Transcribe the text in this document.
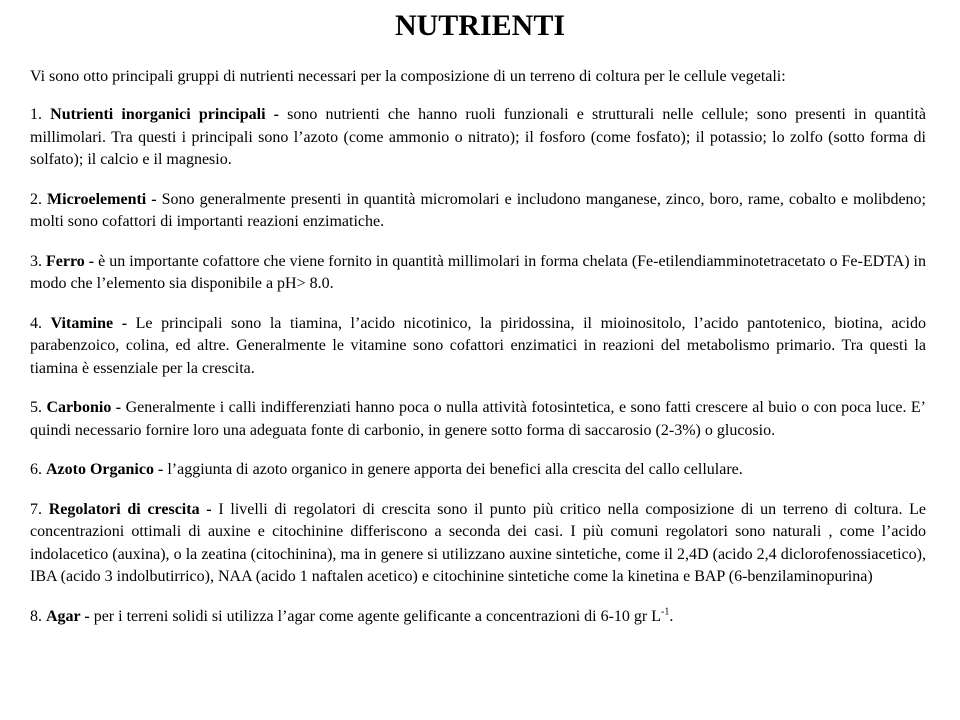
NUTRIENTI
Vi sono otto principali gruppi di nutrienti necessari per la composizione di un terreno di coltura per le cellule vegetali:

1. Nutrienti inorganici principali - sono nutrienti che hanno ruoli funzionali e strutturali nelle cellule; sono presenti in quantità millimolari. Tra questi i principali sono l’azoto (come ammonio o nitrato); il fosforo (come fosfato); il potassio; lo zolfo (sotto forma di solfato); il calcio e il magnesio.

2. Microelementi - Sono generalmente presenti in quantità micromolari e includono manganese, zinco, boro, rame, cobalto e molibdeno; molti sono cofattori di importanti reazioni enzimatiche.

3. Ferro - è un importante cofattore che viene fornito in quantità millimolari in forma chelata (Fe-etilendiamminotetracetato o Fe-EDTA) in modo che l’elemento sia disponibile a pH> 8.0.

4. Vitamine - Le principali sono la tiamina, l’acido nicotinico, la piridossina, il mioinositolo, l’acido pantotenico, biotina, acido parabenzoico, colina, ed altre. Generalmente le vitamine sono cofattori enzimatici in reazioni del metabolismo primario. Tra questi la tiamina è essenziale per la crescita.

5. Carbonio - Generalmente i calli indifferenziati hanno poca o nulla attività fotosintetica, e sono fatti crescere al buio o con poca luce. E’ quindi necessario fornire loro una adeguata fonte di carbonio, in genere sotto forma di saccarosio (2-3%) o glucosio.

6. Azoto Organico - l’aggiunta di azoto organico in genere apporta dei benefici alla crescita del callo cellulare.

7. Regolatori di crescita - I livelli di regolatori di crescita sono il punto più critico nella composizione di un terreno di coltura. Le concentrazioni ottimali di auxine e citochinine differiscono a seconda dei casi. I più comuni regolatori sono naturali , come l’acido indolacetico (auxina), o la zeatina (citochinina), ma in genere si utilizzano auxine sintetiche, come il 2,4D (acido 2,4 diclorofenossiacetico), IBA (acido 3 indolbutirrico), NAA (acido 1 naftalen acetico) e citochinine sintetiche come la kinetina e BAP (6-benzilaminopurina)

8. Agar - per i terreni solidi si utilizza l’agar come agente gelificante a concentrazioni di 6-10 gr $L^{-1}$.
